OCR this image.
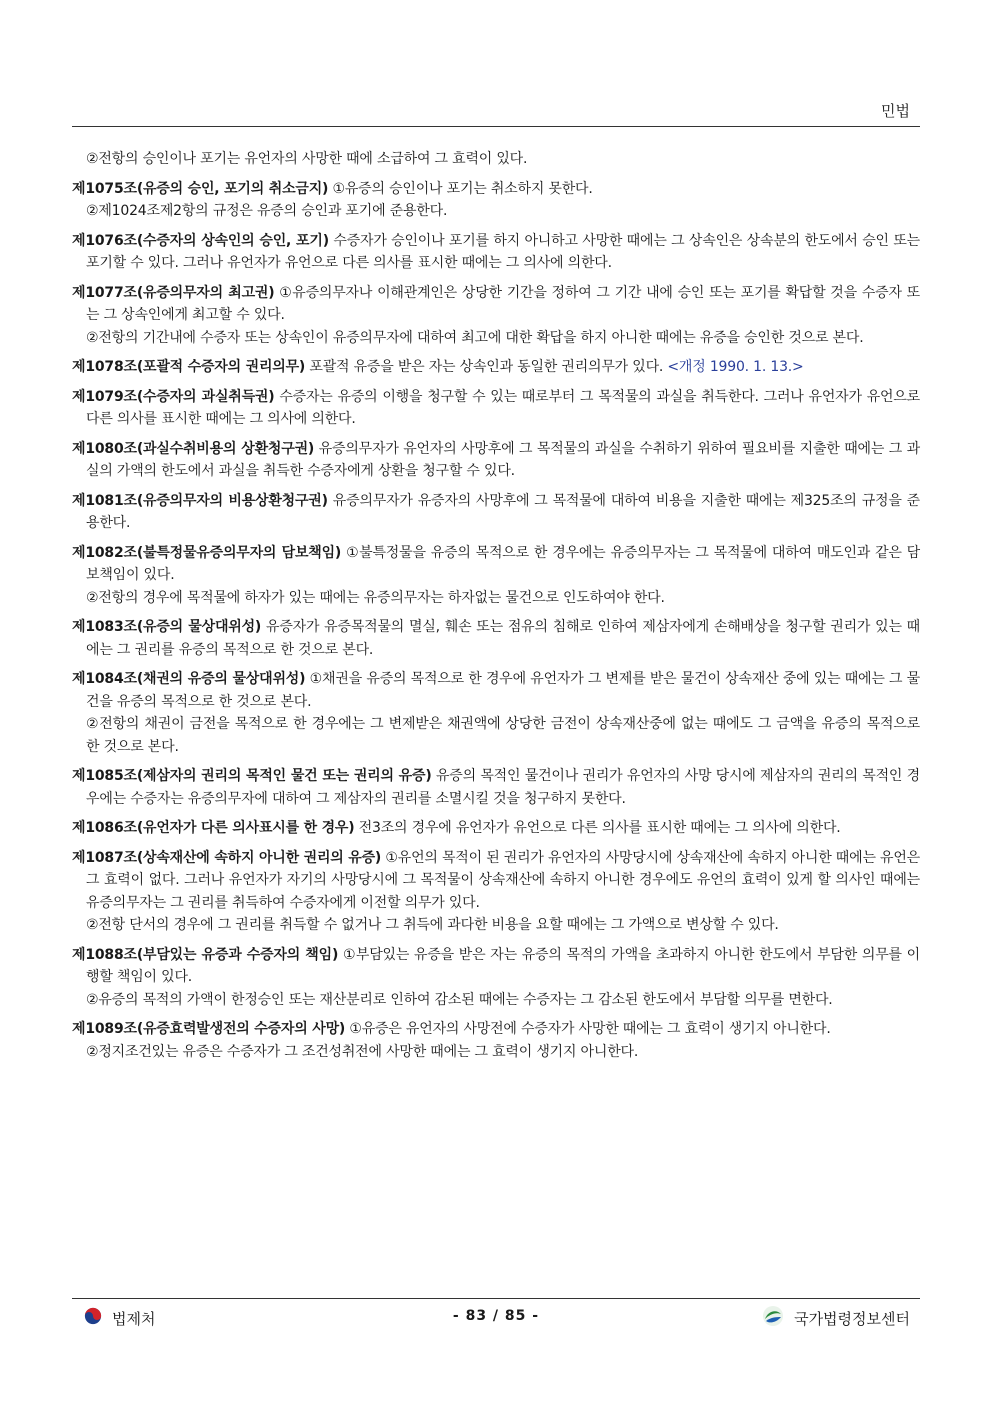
민법
②전항의 승인이나 포기는 유언자의 사망한 때에 소급하여 그 효력이 있다.
제1075조(유증의 승인, 포기의 취소금지) ①유증의 승인이나 포기는 취소하지 못한다.
②제1024조제2항의 규정은 유증의 승인과 포기에 준용한다.
제1076조(수증자의 상속인의 승인, 포기) 수증자가 승인이나 포기를 하지 아니하고 사망한 때에는 그 상속인은 상속분의 한도에서 승인 또는 포기할 수 있다. 그러나 유언자가 유언으로 다른 의사를 표시한 때에는 그 의사에 의한다.
제1077조(유증의무자의 최고권) ①유증의무자나 이해관계인은 상당한 기간을 정하여 그 기간 내에 승인 또는 포기를 확답할 것을 수증자 또는 그 상속인에게 최고할 수 있다.
②전항의 기간내에 수증자 또는 상속인이 유증의무자에 대하여 최고에 대한 확답을 하지 아니한 때에는 유증을 승인한 것으로 본다.
제1078조(포괄적 수증자의 권리의무) 포괄적 유증을 받은 자는 상속인과 동일한 권리의무가 있다. <개정 1990. 1. 13.>
제1079조(수증자의 과실취득권) 수증자는 유증의 이행을 청구할 수 있는 때로부터 그 목적물의 과실을 취득한다. 그러나 유언자가 유언으로 다른 의사를 표시한 때에는 그 의사에 의한다.
제1080조(과실수취비용의 상환청구권) 유증의무자가 유언자의 사망후에 그 목적물의 과실을 수취하기 위하여 필요비를 지출한 때에는 그 과실의 가액의 한도에서 과실을 취득한 수증자에게 상환을 청구할 수 있다.
제1081조(유증의무자의 비용상환청구권) 유증의무자가 유증자의 사망후에 그 목적물에 대하여 비용을 지출한 때에는 제325조의 규정을 준용한다.
제1082조(불특정물유증의무자의 담보책임) ①불특정물을 유증의 목적으로 한 경우에는 유증의무자는 그 목적물에 대하여 매도인과 같은 담보책임이 있다.
②전항의 경우에 목적물에 하자가 있는 때에는 유증의무자는 하자없는 물건으로 인도하여야 한다.
제1083조(유증의 물상대위성) 유증자가 유증목적물의 멸실, 훼손 또는 점유의 침해로 인하여 제삼자에게 손해배상을 청구할 권리가 있는 때에는 그 권리를 유증의 목적으로 한 것으로 본다.
제1084조(채권의 유증의 물상대위성) ①채권을 유증의 목적으로 한 경우에 유언자가 그 변제를 받은 물건이 상속재산 중에 있는 때에는 그 물건을 유증의 목적으로 한 것으로 본다.
②전항의 채권이 금전을 목적으로 한 경우에는 그 변제받은 채권액에 상당한 금전이 상속재산중에 없는 때에도 그 금액을 유증의 목적으로 한 것으로 본다.
제1085조(제삼자의 권리의 목적인 물건 또는 권리의 유증) 유증의 목적인 물건이나 권리가 유언자의 사망 당시에 제삼자의 권리의 목적인 경우에는 수증자는 유증의무자에 대하여 그 제삼자의 권리를 소멸시킬 것을 청구하지 못한다.
제1086조(유언자가 다른 의사표시를 한 경우) 전3조의 경우에 유언자가 유언으로 다른 의사를 표시한 때에는 그 의사에 의한다.
제1087조(상속재산에 속하지 아니한 권리의 유증) ①유언의 목적이 된 권리가 유언자의 사망당시에 상속재산에 속하지 아니한 때에는 유언은 그 효력이 없다. 그러나 유언자가 자기의 사망당시에 그 목적물이 상속재산에 속하지 아니한 경우에도 유언의 효력이 있게 할 의사인 때에는 유증의무자는 그 권리를 취득하여 수증자에게 이전할 의무가 있다.
②전항 단서의 경우에 그 권리를 취득할 수 없거나 그 취득에 과다한 비용을 요할 때에는 그 가액으로 변상할 수 있다.
제1088조(부담있는 유증과 수증자의 책임) ①부담있는 유증을 받은 자는 유증의 목적의 가액을 초과하지 아니한 한도에서 부담한 의무를 이행할 책임이 있다.
②유증의 목적의 가액이 한정승인 또는 재산분리로 인하여 감소된 때에는 수증자는 그 감소된 한도에서 부담할 의무를 면한다.
제1089조(유증효력발생전의 수증자의 사망) ①유증은 유언자의 사망전에 수증자가 사망한 때에는 그 효력이 생기지 아니한다.
②정지조건있는 유증은 수증자가 그 조건성취전에 사망한 때에는 그 효력이 생기지 아니한다.
법제처	- 83 / 85 -	국가법령정보센터
